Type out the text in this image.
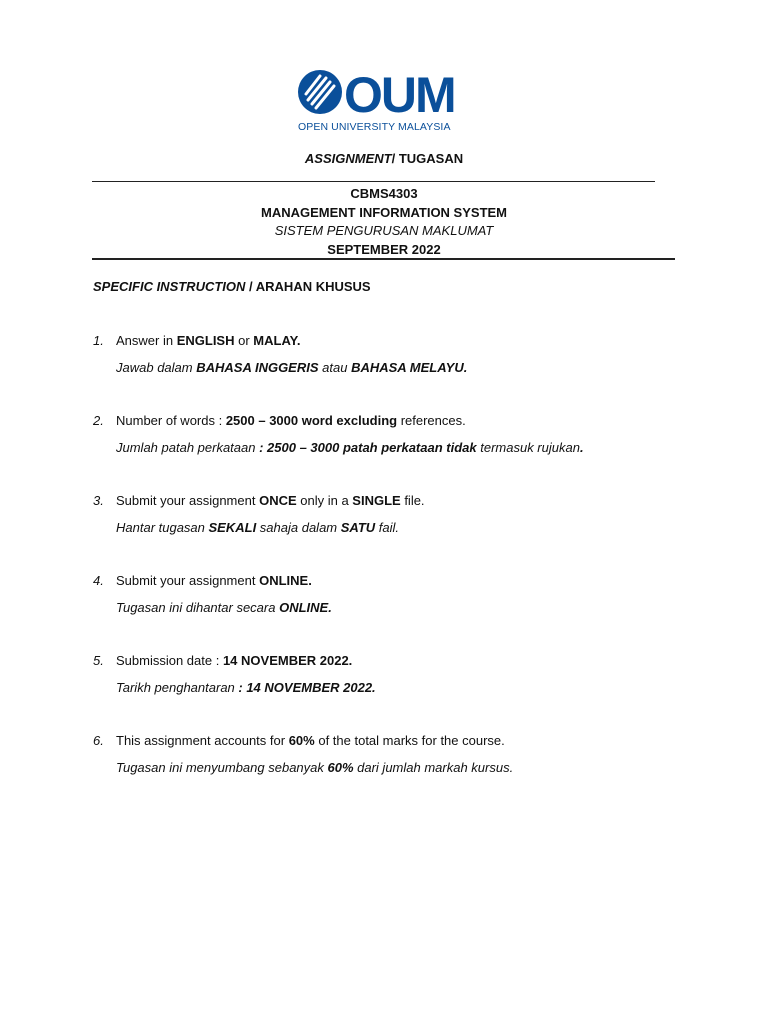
OUM
OPEN UNIVERSITY MALAYSIA
ASSIGNMENT/ TUGASAN
CBMS4303
MANAGEMENT INFORMATION SYSTEM
SISTEM PENGURUSAN MAKLUMAT
SEPTEMBER 2022
SPECIFIC INSTRUCTION / ARAHAN KHUSUS
1. Answer in ENGLISH or MALAY.
Jawab dalam BAHASA INGGERIS atau BAHASA MELAYU.
2. Number of words : 2500 – 3000 word excluding references.
Jumlah patah perkataan : 2500 – 3000 patah perkataan tidak termasuk rujukan.
3. Submit your assignment ONCE only in a SINGLE file.
Hantar tugasan SEKALI sahaja dalam SATU fail.
4. Submit your assignment ONLINE.
Tugasan ini dihantar secara ONLINE.
5. Submission date : 14 NOVEMBER 2022.
Tarikh penghantaran : 14 NOVEMBER 2022.
6. This assignment accounts for 60% of the total marks for the course.
Tugasan ini menyumbang sebanyak 60% dari jumlah markah kursus.
